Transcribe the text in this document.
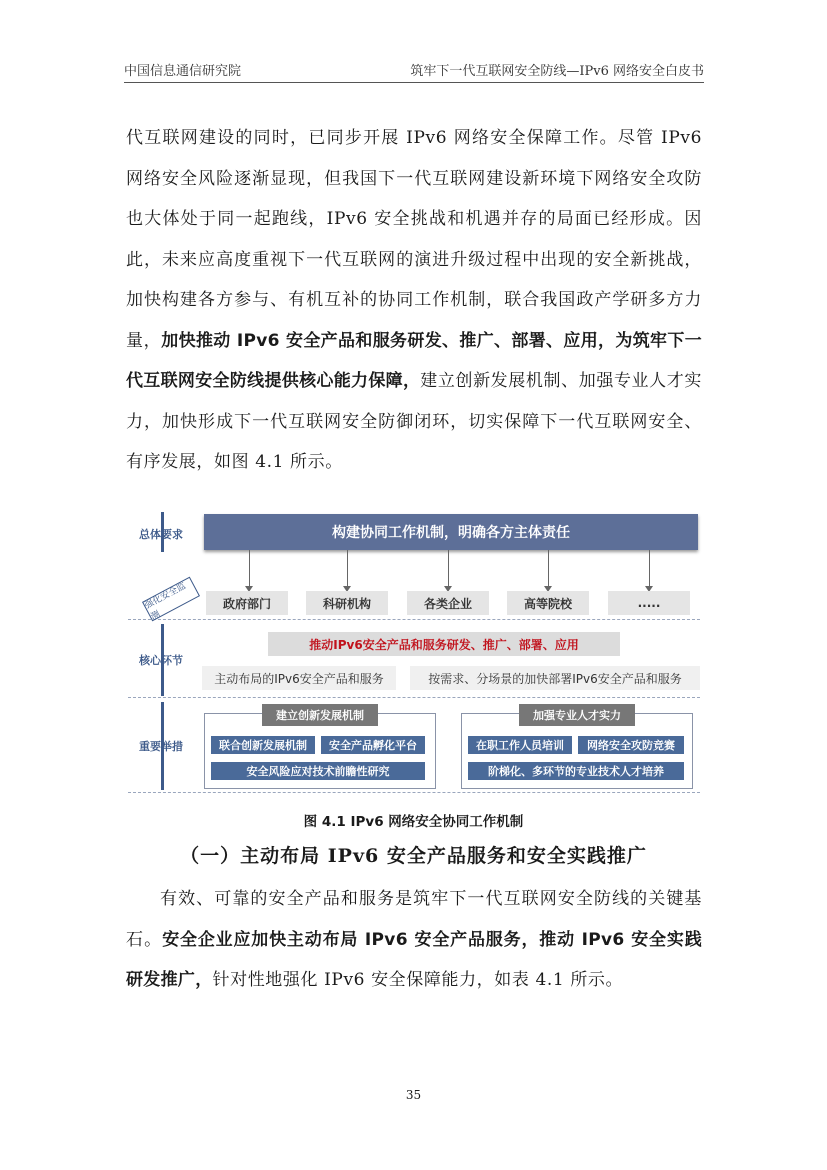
中国信息通信研究院	筑牢下一代互联网安全防线—IPv6 网络安全白皮书
代互联网建设的同时，已同步开展 IPv6 网络安全保障工作。尽管 IPv6 网络安全风险逐渐显现，但我国下一代互联网建设新环境下网络安全攻防也大体处于同一起跑线，IPv6 安全挑战和机遇并存的局面已经形成。因此，未来应高度重视下一代互联网的演进升级过程中出现的安全新挑战，加快构建各方参与、有机互补的协同工作机制，联合我国政产学研多方力量，加快推动 IPv6 安全产品和服务研发、推广、部署、应用，为筑牢下一代互联网安全防线提供核心能力保障，建立创新发展机制、加强专业人才实力，加快形成下一代互联网安全防御闭环，切实保障下一代互联网安全、有序发展，如图 4.1 所示。
总体要求
核心环节
重要举措
构建协同工作机制，明确各方主体责任
强化安全监测
政府部门	科研机构	各类企业	高等院校	.....
推动IPv6安全产品和服务研发、推广、部署、应用
主动布局的IPv6安全产品和服务	按需求、分场景的加快部署IPv6安全产品和服务
建立创新发展机制
联合创新发展机制	安全产品孵化平台
安全风险应对技术前瞻性研究
加强专业人才实力
在职工作人员培训	网络安全攻防竞赛
阶梯化、多环节的专业技术人才培养
图 4.1 IPv6 网络安全协同工作机制
（一）主动布局 IPv6 安全产品服务和安全实践推广
有效、可靠的安全产品和服务是筑牢下一代互联网安全防线的关键基石。安全企业应加快主动布局 IPv6 安全产品服务，推动 IPv6 安全实践研发推广，针对性地强化 IPv6 安全保障能力，如表 4.1 所示。
35
